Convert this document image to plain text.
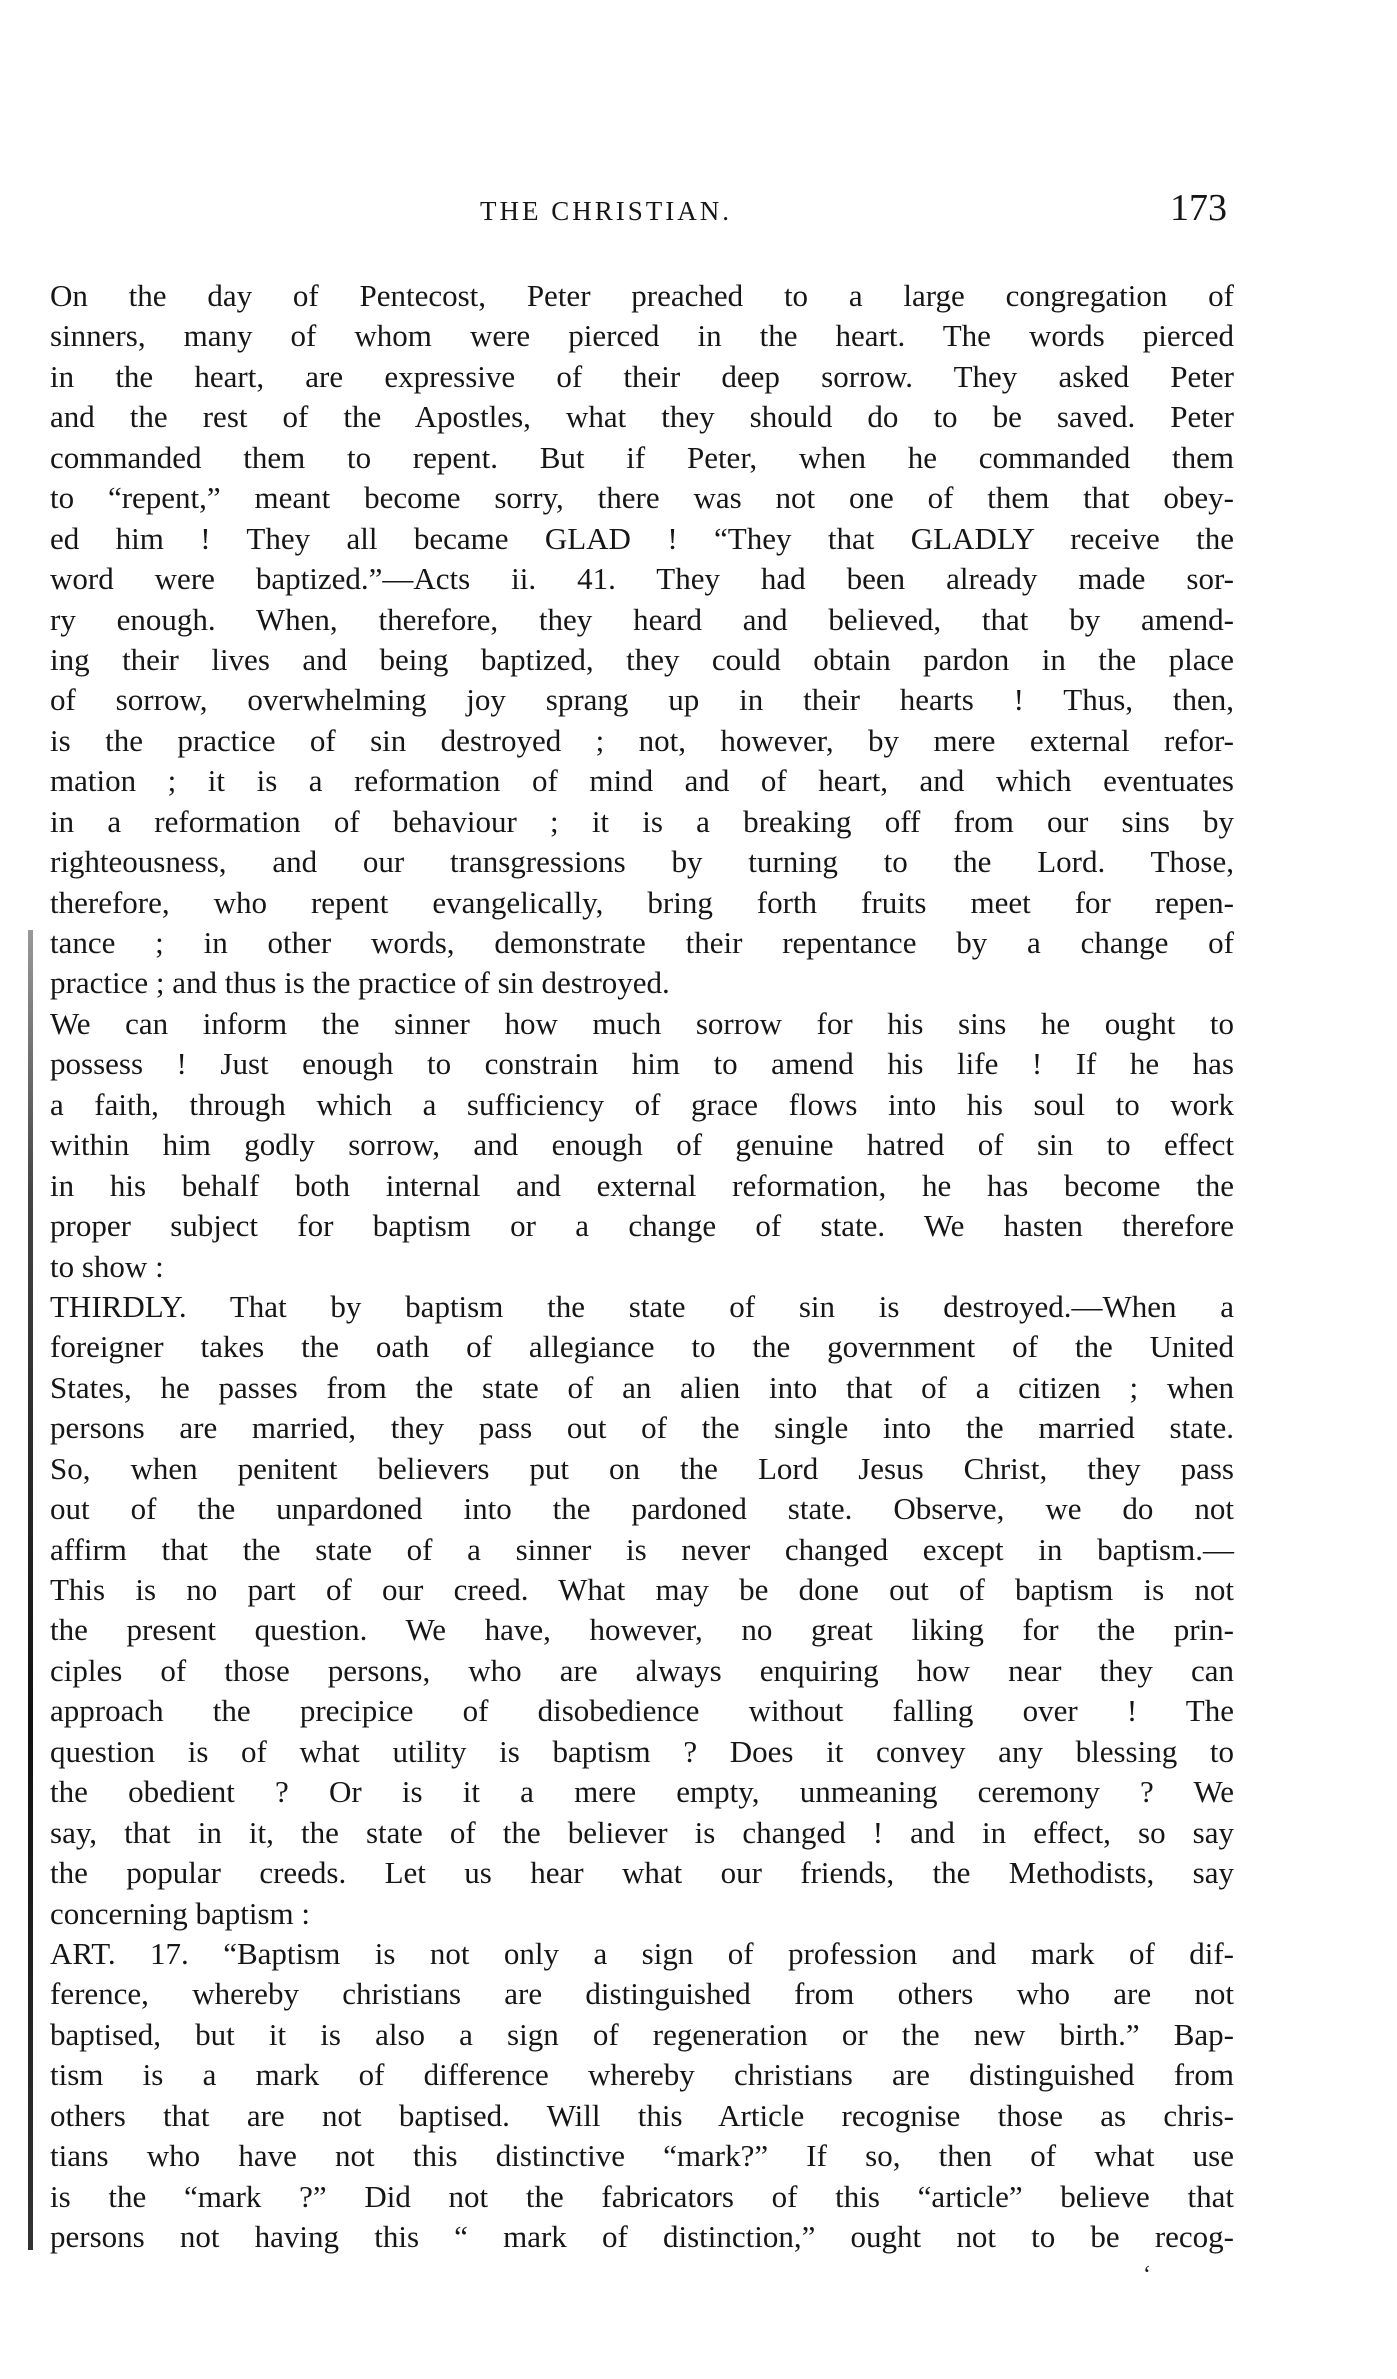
THE CHRISTIAN.	173
On the day of Pentecost, Peter preached to a large congregation of
sinners, many of whom were pierced in the heart. The words pierced
in the heart, are expressive of their deep sorrow. They asked Peter
and the rest of the Apostles, what they should do to be saved. Peter
commanded them to repent. But if Peter, when he commanded them
to “repent,” meant become sorry, there was not one of them that obey-
ed him ! They all became GLAD ! “They that GLADLY receive the
word were baptized.”—Acts ii. 41. They had been already made sor-
ry enough. When, therefore, they heard and believed, that by amend-
ing their lives and being baptized, they could obtain pardon in the place
of sorrow, overwhelming joy sprang up in their hearts ! Thus, then,
is the practice of sin destroyed ; not, however, by mere external refor-
mation ; it is a reformation of mind and of heart, and which eventuates
in a reformation of behaviour ; it is a breaking off from our sins by
righteousness, and our transgressions by turning to the Lord. Those,
therefore, who repent evangelically, bring forth fruits meet for repen-
tance ; in other words, demonstrate their repentance by a change of
practice ; and thus is the practice of sin destroyed.
We can inform the sinner how much sorrow for his sins he ought to
possess ! Just enough to constrain him to amend his life ! If he has
a faith, through which a sufficiency of grace flows into his soul to work
within him godly sorrow, and enough of genuine hatred of sin to effect
in his behalf both internal and external reformation, he has become the
proper subject for baptism or a change of state. We hasten therefore
to show :
THIRDLY. That by baptism the state of sin is destroyed.—When a
foreigner takes the oath of allegiance to the government of the United
States, he passes from the state of an alien into that of a citizen ; when
persons are married, they pass out of the single into the married state.
So, when penitent believers put on the Lord Jesus Christ, they pass
out of the unpardoned into the pardoned state. Observe, we do not
affirm that the state of a sinner is never changed except in baptism.—
This is no part of our creed. What may be done out of baptism is not
the present question. We have, however, no great liking for the prin-
ciples of those persons, who are always enquiring how near they can
approach the precipice of disobedience without falling over ! The
question is of what utility is baptism ? Does it convey any blessing to
the obedient ? Or is it a mere empty, unmeaning ceremony ? We
say, that in it, the state of the believer is changed ! and in effect, so say
the popular creeds. Let us hear what our friends, the Methodists, say
concerning baptism :
ART. 17. “Baptism is not only a sign of profession and mark of dif-
ference, whereby christians are distinguished from others who are not
baptised, but it is also a sign of regeneration or the new birth.” Bap-
tism is a mark of difference whereby christians are distinguished from
others that are not baptised. Will this Article recognise those as chris-
tians who have not this distinctive “mark?” If so, then of what use
is the “mark ?” Did not the fabricators of this “article” believe that
persons not having this “ mark of distinction,” ought not to be recog-
‘
